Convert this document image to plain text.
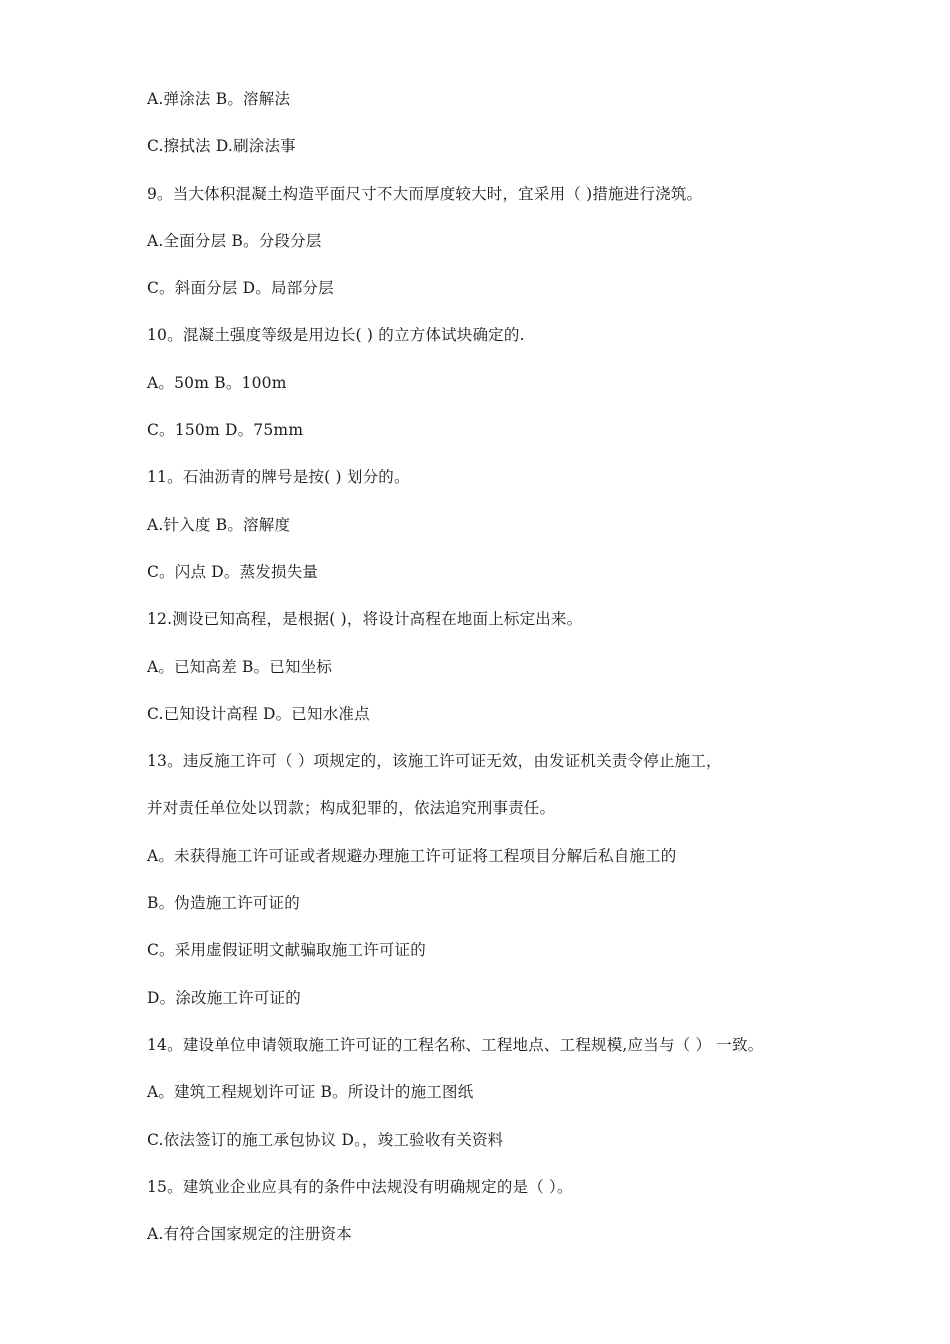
A.弹涂法 B。溶解法
C.擦拭法 D.刷涂法事
9。当大体积混凝土构造平面尺寸不大而厚度较大时，宜采用（ )措施进行浇筑。
A.全面分层 B。分段分层
C。斜面分层 D。局部分层
10。混凝土强度等级是用边长( ) 的立方体试块确定的.
A。50m B。100m
C。150m D。75mm
11。石油沥青的牌号是按( ) 划分的。
A.针入度 B。溶解度
C。闪点 D。蒸发损失量
12.测设已知高程，是根据( )，将设计高程在地面上标定出来。
A。已知高差 B。已知坐标
C.已知设计高程 D。已知水准点
13。违反施工许可（ ）项规定的，该施工许可证无效，由发证机关责令停止施工，
并对责任单位处以罚款；构成犯罪的，依法追究刑事责任。
A。未获得施工许可证或者规避办理施工许可证将工程项目分解后私自施工的
B。伪造施工许可证的
C。采用虚假证明文献骗取施工许可证的
D。涂改施工许可证的
14。建设单位申请领取施工许可证的工程名称、工程地点、工程规模,应当与（ ） 一致。
A。建筑工程规划许可证 B。所设计的施工图纸
C.依法签订的施工承包协议 D。，竣工验收有关资料
15。建筑业企业应具有的条件中法规没有明确规定的是（ ）。
A.有符合国家规定的注册资本
